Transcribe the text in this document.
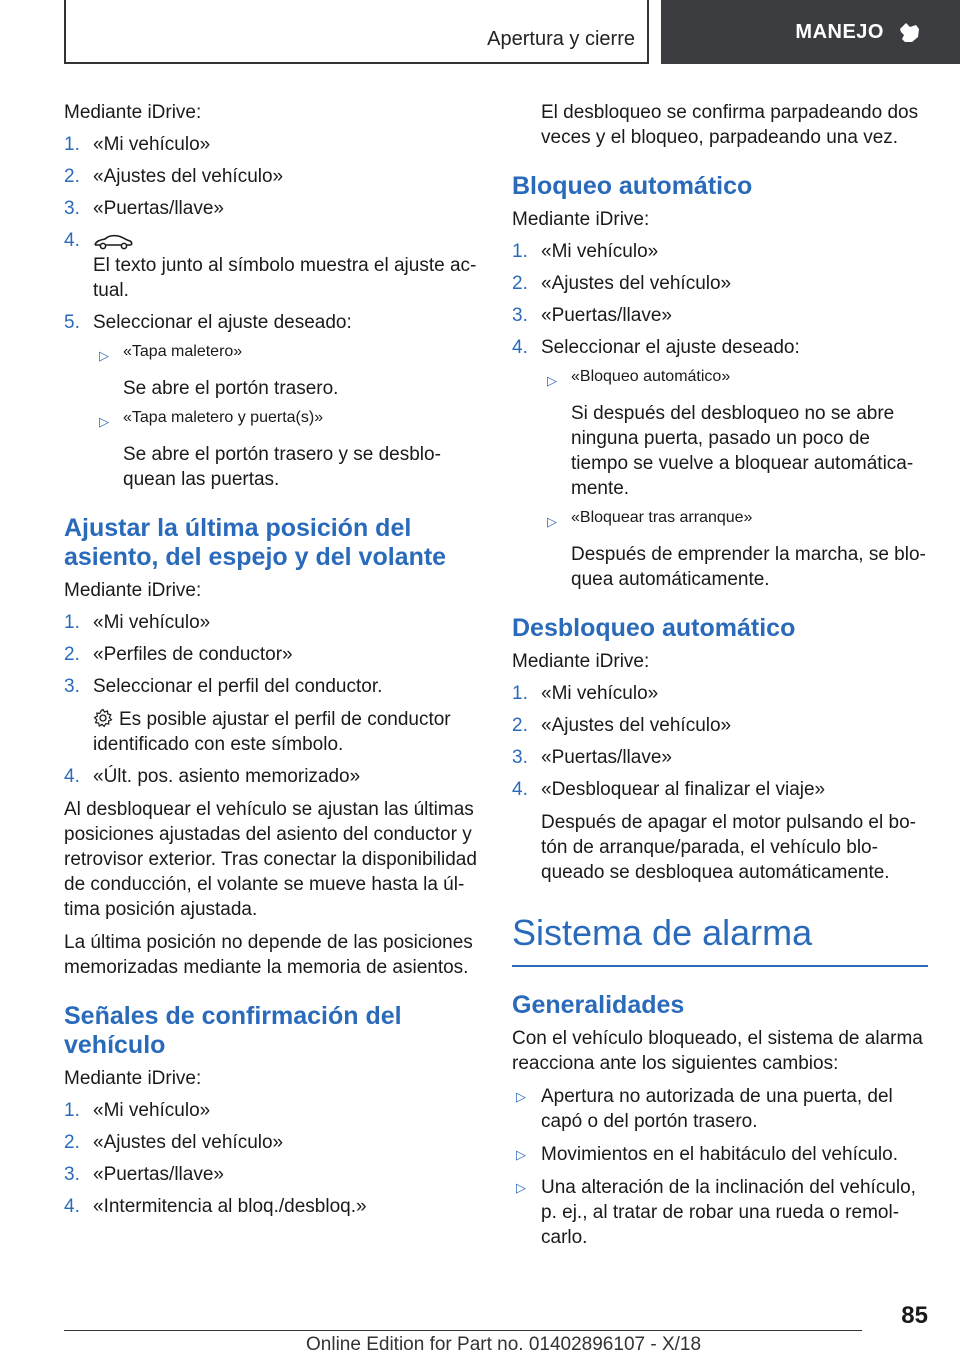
Apertura y cierre	MANEJO

Mediante iDrive:

1. «Mi vehículo»
2. «Ajustes del vehículo»
3. «Puertas/llave»
4.

El texto junto al símbolo muestra el ajuste ac-tual.
5. Seleccionar el ajuste deseado:
▷ «Tapa maletero»

Se abre el portón trasero.

▷ «Tapa maletero y puerta(s)»

Se abre el portón trasero y se desblo-quean las puertas.

Ajustar la última posición del asiento, del espejo y del volante

Mediante iDrive:

1. «Mi vehículo»
2. «Perfiles de conductor»
3. Seleccionar el perfil del conductor.

Es posible ajustar el perfil de conductor identificado con este símbolo.

4. «Últ. pos. asiento memorizado»

Al desbloquear el vehículo se ajustan las últimas posiciones ajustadas del asiento del conductor y retrovisor exterior. Tras conectar la disponibilidad de conducción, el volante se mueve hasta la úl-tima posición ajustada.

La última posición no depende de las posiciones memorizadas mediante la memoria de asientos.

Señales de confirmación del vehículo

Mediante iDrive:

1. «Mi vehículo»
2. «Ajustes del vehículo»
3. «Puertas/llave»
4. «Intermitencia al bloq./desbloq.»

El desbloqueo se confirma parpadeando dos veces y el bloqueo, parpadeando una vez.

Bloqueo automático

Mediante iDrive:

1. «Mi vehículo»
2. «Ajustes del vehículo»
3. «Puertas/llave»
4. Seleccionar el ajuste deseado:
▷ «Bloqueo automático»

Si después del desbloqueo no se abre ninguna puerta, pasado un poco de tiempo se vuelve a bloquear automática-mente.

▷ «Bloquear tras arranque»

Después de emprender la marcha, se blo-quea automáticamente.

Desbloqueo automático

Mediante iDrive:

1. «Mi vehículo»
2. «Ajustes del vehículo»
3. «Puertas/llave»
4. «Desbloquear al finalizar el viaje»

Después de apagar el motor pulsando el bo-tón de arranque/parada, el vehículo blo-queado se desbloquea automáticamente.

Sistema de alarma
Generalidades

Con el vehículo bloqueado, el sistema de alarma reacciona ante los siguientes cambios:

▷ Apertura no autorizada de una puerta, del capó o del portón trasero.
▷ Movimientos en el habitáculo del vehículo.
▷ Una alteración de la inclinación del vehículo, p. ej., al tratar de robar una rueda o remol-carlo.
85
Online Edition for Part no. 01402896107 - X/18
